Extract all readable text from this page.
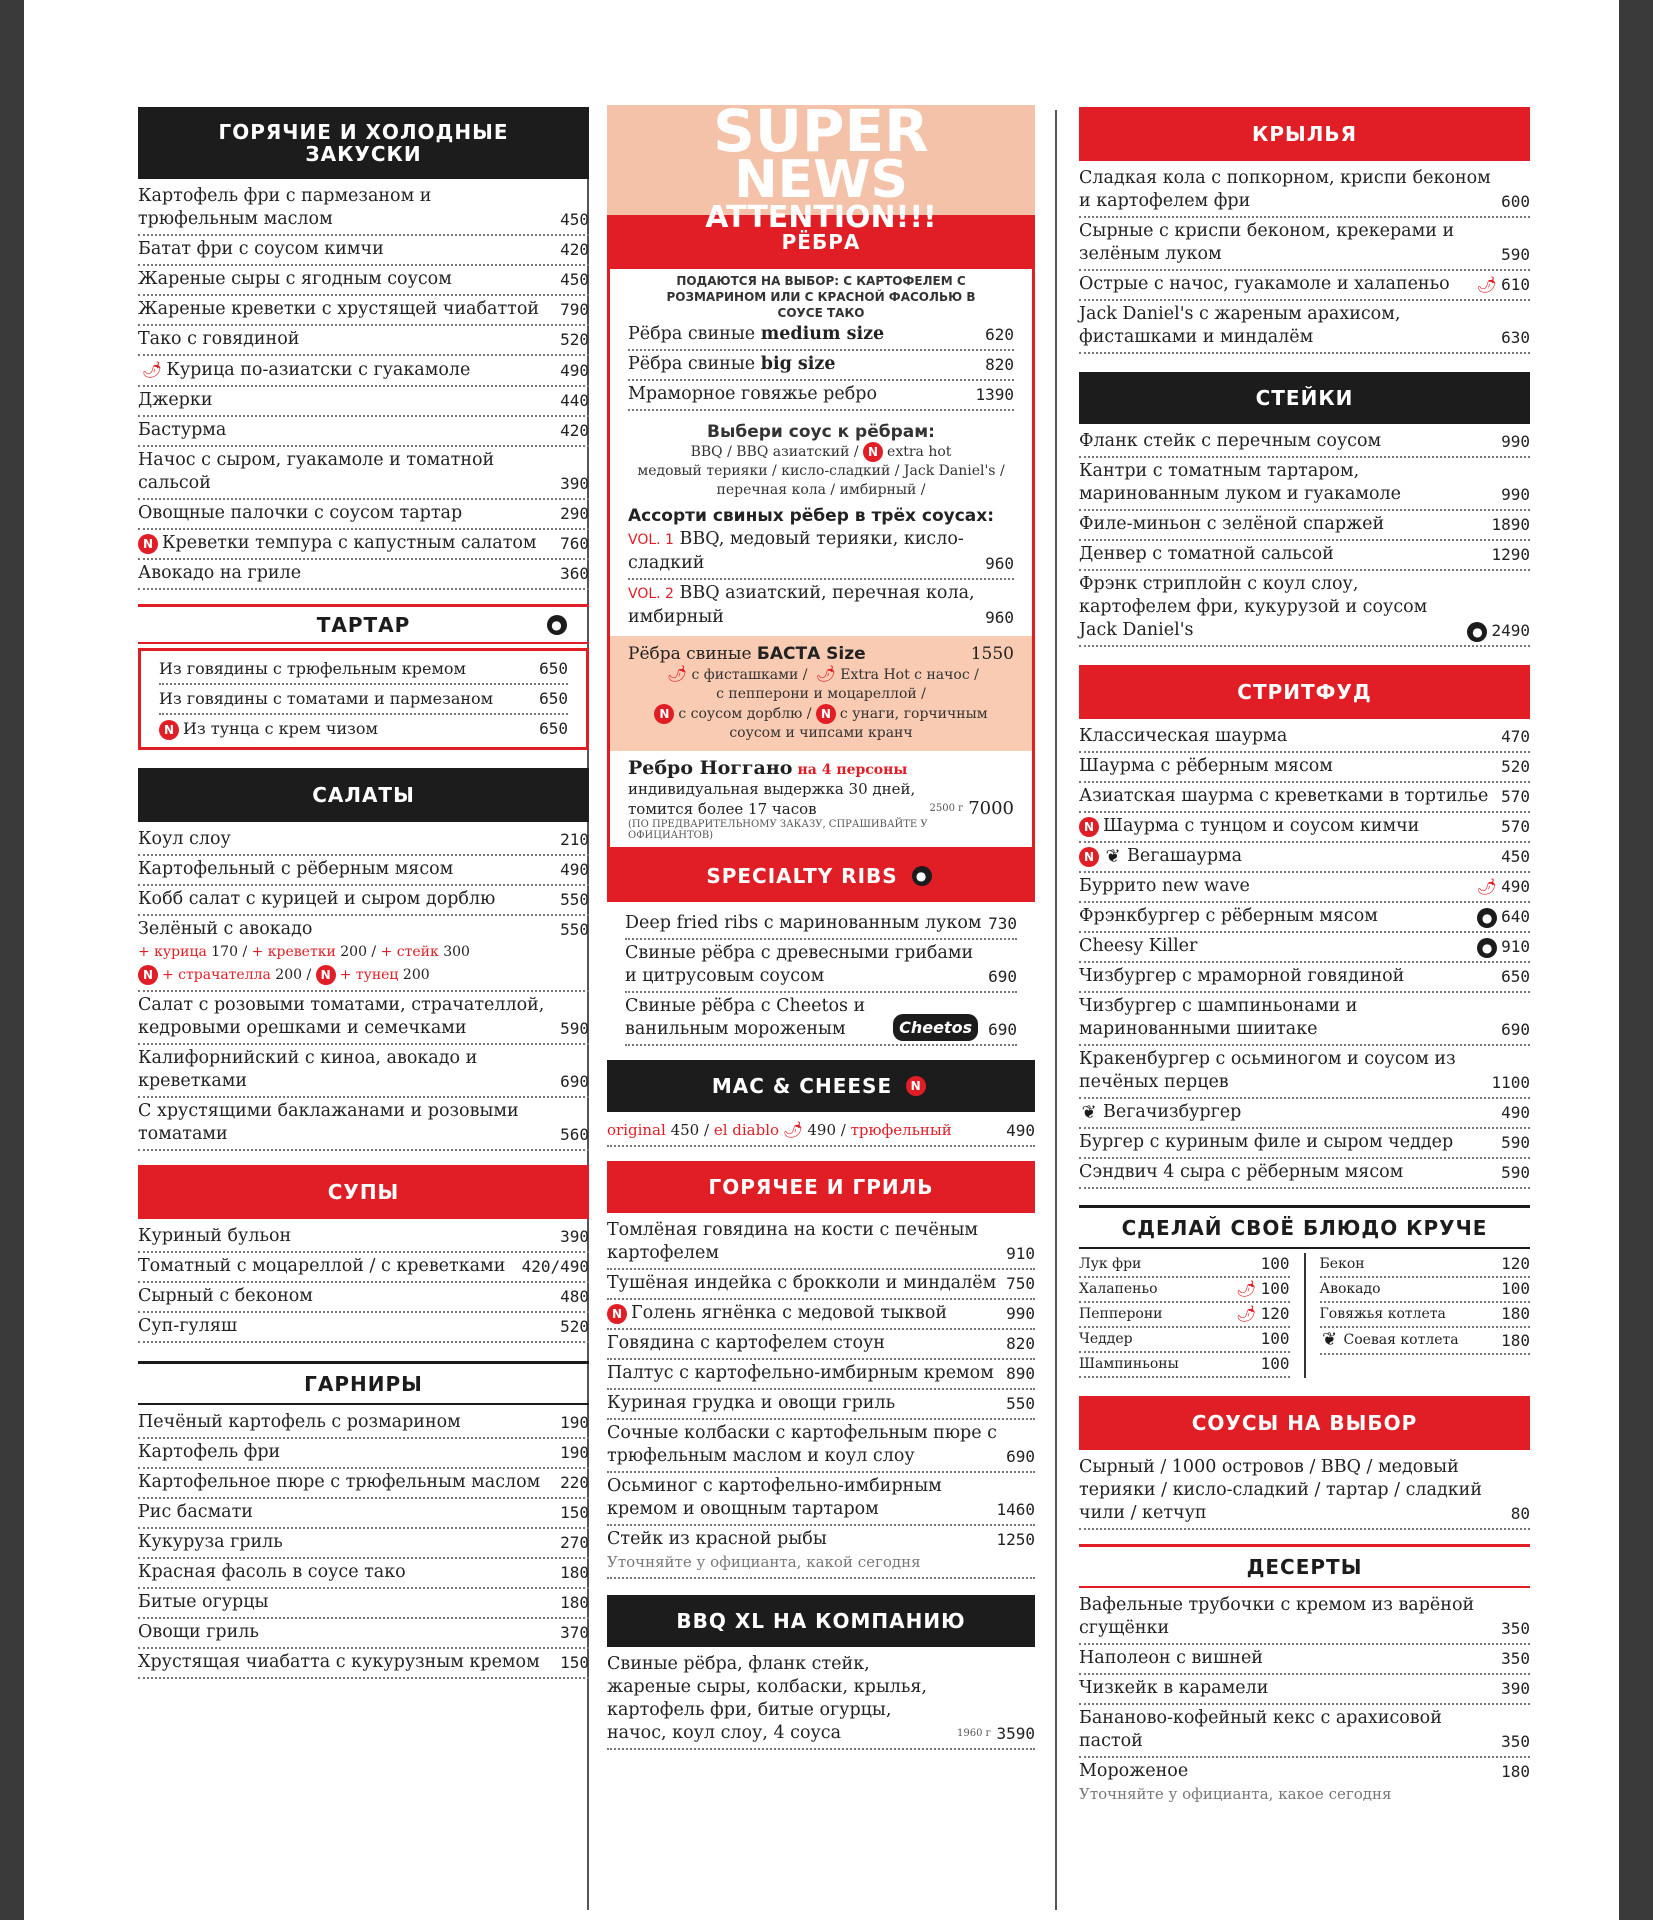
ГОРЯЧИЕ И ХОЛОДНЫЕ ЗАКУСКИ
Картофель фри с пармезаном и трюфельным маслом	450
Батат фри с соусом кимчи	420
Жареные сыры с ягодным соусом	450
Жареные креветки с хрустящей чиабаттой	790
Тако с говядиной	520
🌶 Курица по-азиатски с гуакамоле	490
Джерки	440
Бастурма	420
Начос с сыром, гуакамоле и томатной сальсой	390
Овощные палочки с соусом тартар	290
N Креветки темпура с капустным салатом	760
Авокадо на гриле	360
ТАРТАР	●
Из говядины с трюфельным кремом	650
Из говядины с томатами и пармезаном	650
N Из тунца с крем чизом	650
САЛАТЫ
Коул слоу	210
Картофельный с рёберным мясом	490
Кобб салат с курицей и сыром дорблю	550
Зелёный с авокадо	550
+ курица 170 / + креветки 200 / + стейк 300
N + страчателла 200 / N + тунец 200
Салат с розовыми томатами, страчателлой, кедровыми орешками и семечками	590
Калифорнийский с киноа, авокадо и креветками	690
С хрустящими баклажанами и розовыми томатами	560
СУПЫ
Куриный бульон	390
Томатный с моцареллой / с креветками	420/490
Сырный с беконом	480
Суп-гуляш	520
ГАРНИРЫ
Печёный картофель с розмарином	190
Картофель фри	190
Картофельное пюре с трюфельным маслом	220
Рис басмати	150
Кукуруза гриль	270
Красная фасоль в соусе тако	180
Битые огурцы	180
Овощи гриль	370
Хрустящая чиабатта с кукурузным кремом	150
SUPER
NEWS
ATTENTION!!!
РЁБРА
ПОДАЮТСЯ НА ВЫБОР: С КАРТОФЕЛЕМ С РОЗМАРИНОМ ИЛИ С КРАСНОЙ ФАСОЛЬЮ В СОУСЕ ТАКО
Рёбра свиные medium size	620
Рёбра свиные big size	820
Мраморное говяжье ребро	1390
Выбери соус к рёбрам:
BBQ / BBQ азиатский / N extra hot
медовый терияки / кисло-сладкий / Jack Daniel's / перечная кола / имбирный /
Ассорти свиных рёбер в трёх соусах:
VOL. 1 BBQ, медовый терияки, кисло-сладкий	960
VOL. 2 BBQ азиатский, перечная кола, имбирный	960
Рёбра свиные БАСТА Size	1550
🌶 с фисташками / 🌶 Extra Hot с начос /
с пепперони и моцареллой /
N с соусом дорблю / N с унаги, горчичным соусом и чипсами кранч
Ребро Ноггано на 4 персоны
индивидуальная выдержка 30 дней, томится более 17 часов	2500 г
7000
(ПО ПРЕДВАРИТЕЛЬНОМУ ЗАКАЗУ, СПРАШИВАЙТЕ У ОФИЦИАНТОВ)
SPECIALTY RIBS	●
Deep fried ribs с маринованным луком 730
Свиные рёбра с древесными грибами и цитрусовым соусом	690
Свиные рёбра с Cheetos и ванильным мороженым	Cheetos	690
MAC & CHEESE	N
original 450 / el diablo 🌶 490 / трюфельный	490
ГОРЯЧЕЕ И ГРИЛЬ
Томлёная говядина на кости с печёным картофелем	910
Тушёная индейка с брокколи и миндалём 750
N Голень ягнёнка с медовой тыквой	990
Говядина с картофелем стоун	820
Палтус с картофельно-имбирным кремом 890
Куриная грудка и овощи гриль	550
Сочные колбаски с картофельным пюре с трюфельным маслом и коул слоу	690
Осьминог с картофельно-имбирным кремом и овощным тартаром	1460
Стейк из красной рыбы	1250
Уточняйте у официанта, какой сегодня
BBQ XL НА КОМПАНИЮ
Свиные рёбра, фланк стейк, жареные сыры, колбаски, крылья, картофель фри, битые огурцы, начос, коул слоу, 4 соуса	1960 г
3590
КРЫЛЬЯ
Сладкая кола с попкорном, криспи беконом и картофелем фри	600
Сырные с криспи беконом, крекерами и зелёным луком	590
Острые с начос, гуакамоле и халапеньо	🌶 610
Jack Daniel's с жареным арахисом, фисташками и миндалём	630
СТЕЙКИ
Фланк стейк с перечным соусом	990
Кантри с томатным тартаром, маринованным луком и гуакамоле	990
Филе-миньон с зелёной спаржей	1890
Денвер с томатной сальсой	1290
Фрэнк стриплойн с коул слоу, картофелем фри, кукурузой и соусом Jack Daniel's	● 2490
СТРИТФУД
Классическая шаурма	470
Шаурма с рёберным мясом	520
Азиатская шаурма с креветками в тортилье 570
N Шаурма с тунцом и соусом кимчи	570
N ❦ Вегашаурма	450
Буррито new wave	🌶 490
Фрэнкбургер с рёберным мясом	● 640
Cheesy Killer	● 910
Чизбургер с мраморной говядиной	650
Чизбургер с шампиньонами и маринованными шиитаке	690
Кракенбургер с осьминогом и соусом из печёных перцев	1100
❦ Вегачизбургер	490
Бургер с куриным филе и сыром чеддер	590
Сэндвич 4 сыра с рёберным мясом	590
СДЕЛАЙ СВОЁ БЛЮДО КРУЧЕ
Лук фри	100
Халапеньо	🌶 100
Пепперони	🌶 120
Чеддер	100
Шампиньоны	100
Бекон	120
Авокадо	100
Говяжья котлета	180
❦ Соевая котлета	180
СОУСЫ НА ВЫБОР
Сырный / 1000 островов / BBQ / медовый терияки / кисло-сладкий / тартар / сладкий чили / кетчуп	80
ДЕСЕРТЫ
Вафельные трубочки с кремом из варёной сгущёнки	350
Наполеон с вишней	350
Чизкейк в карамели	390
Бананово-кофейный кекс с арахисовой пастой	350
Мороженое	180
Уточняйте у официанта, какое сегодня
